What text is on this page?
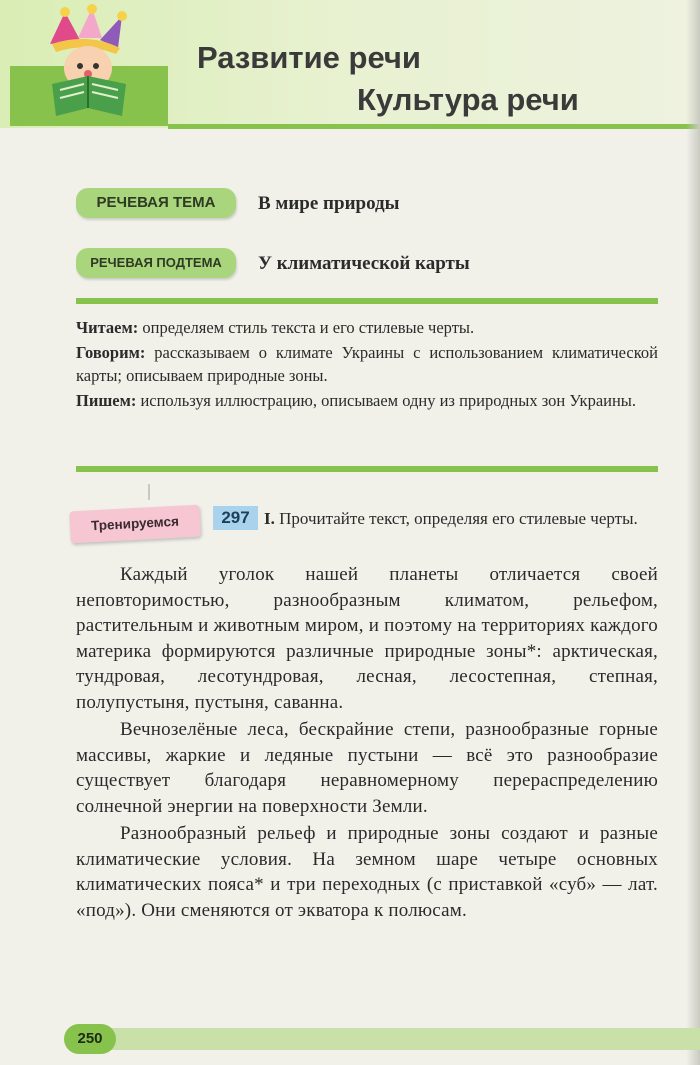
Развитие речи
Культура речи
РЕЧЕВАЯ ТЕМА	В мире природы
РЕЧЕВАЯ ПОДТЕМА	У климатической карты

Читаем: определяем стиль текста и его стилевые черты.

Говорим: рассказываем о климате Украины с использованием климатической карты; описываем природные зоны.

Пишем: используя иллюстрацию, описываем одну из природных зон Украины.

Тренируемся	297 I. Прочитайте текст, определяя его стилевые черты.

Каждый уголок нашей планеты отличается своей неповторимостью, разнообразным климатом, рельефом, растительным и животным миром, и поэтому на территориях каждого материка формируются различные природные зоны*: арктическая, тундровая, лесотундровая, лесная, лесостепная, степная, полупустыня, пустыня, саванна.

Вечнозелёные леса, бескрайние степи, разнообразные горные массивы, жаркие и ледяные пустыни — всё это разнообразие существует благодаря неравномерному перераспределению солнечной энергии на поверхности Земли.

Разнообразный рельеф и природные зоны создают и разные климатические условия. На земном шаре четыре основных климатических пояса* и три переходных (с приставкой «суб» — лат. «под»). Они сменяются от экватора к полюсам.

250
